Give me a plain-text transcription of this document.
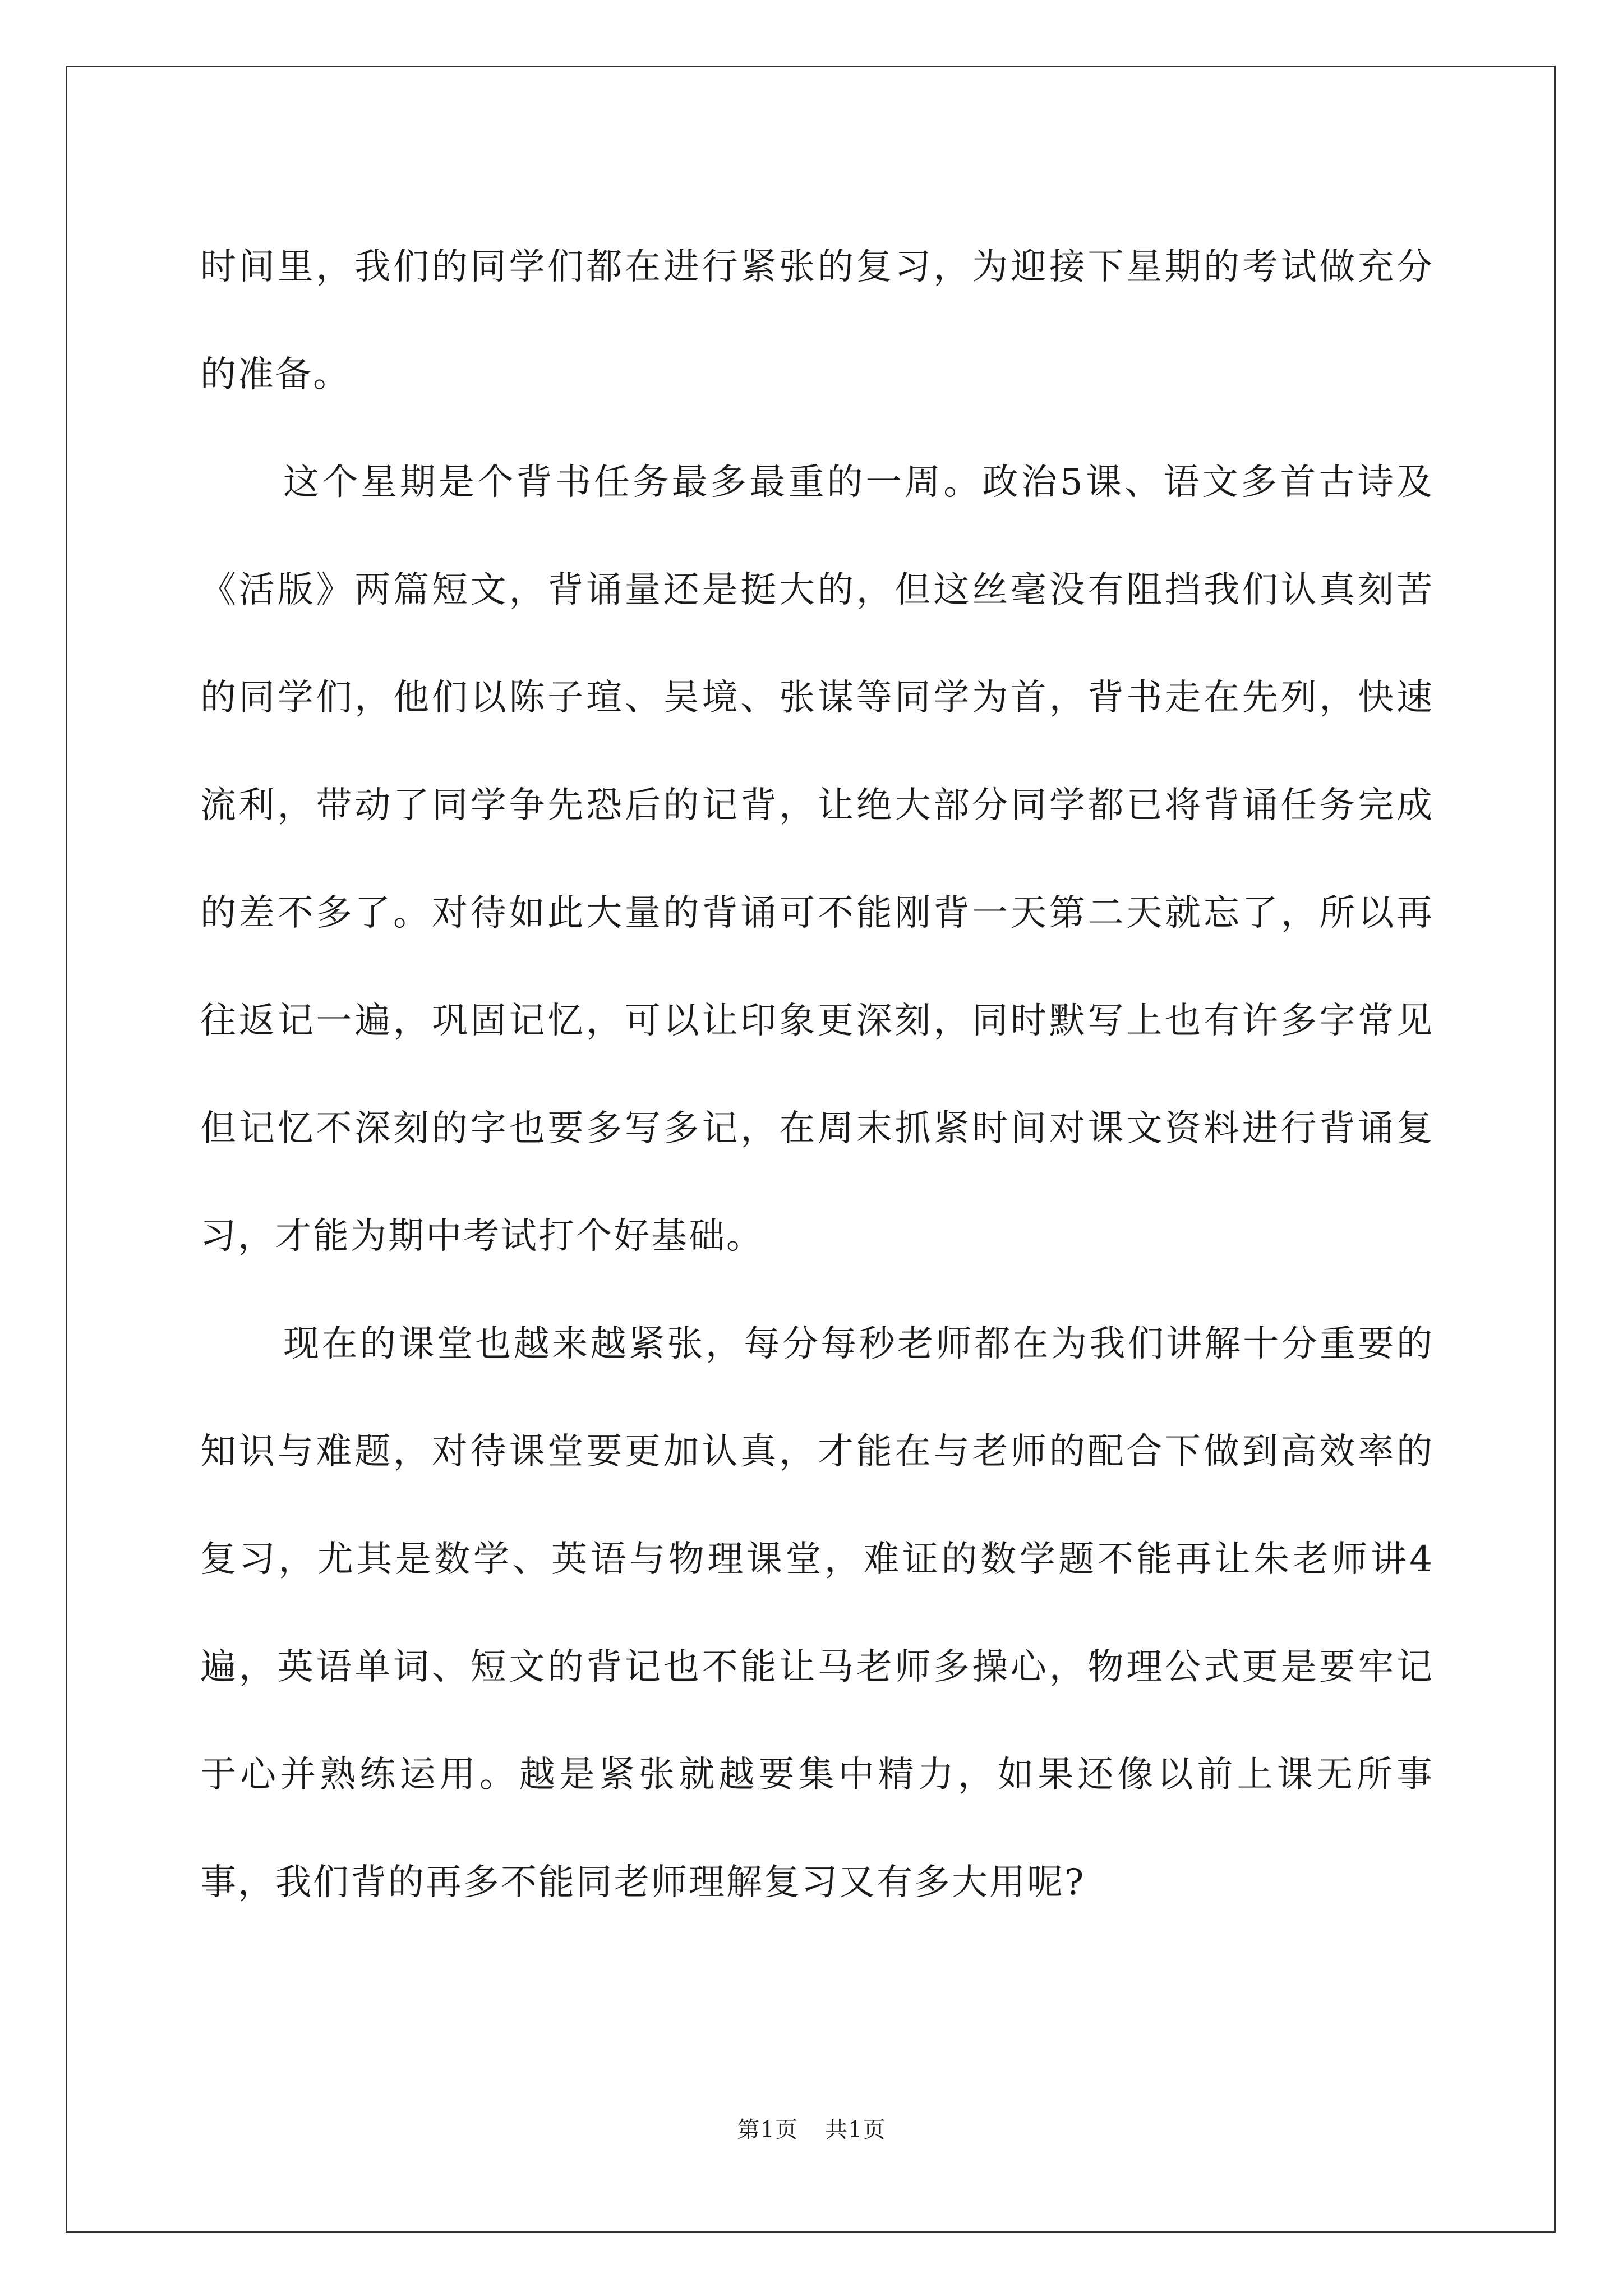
时间里，我们的同学们都在进行紧张的复习，为迎接下星期的考试做充分的准备。

这个星期是个背书任务最多最重的一周。政治5课、语文多首古诗及《活版》两篇短文，背诵量还是挺大的，但这丝毫没有阻挡我们认真刻苦的同学们，他们以陈子瑄、吴境、张谋等同学为首，背书走在先列，快速流利，带动了同学争先恐后的记背，让绝大部分同学都已将背诵任务完成的差不多了。对待如此大量的背诵可不能刚背一天第二天就忘了，所以再往返记一遍，巩固记忆，可以让印象更深刻，同时默写上也有许多字常见但记忆不深刻的字也要多写多记，在周末抓紧时间对课文资料进行背诵复习，才能为期中考试打个好基础。

现在的课堂也越来越紧张，每分每秒老师都在为我们讲解十分重要的知识与难题，对待课堂要更加认真，才能在与老师的配合下做到高效率的复习，尤其是数学、英语与物理课堂，难证的数学题不能再让朱老师讲4遍，英语单词、短文的背记也不能让马老师多操心，物理公式更是要牢记于心并熟练运用。越是紧张就越要集中精力，如果还像以前上课无所事事，我们背的再多不能同老师理解复习又有多大用呢?

第1页 共1页
